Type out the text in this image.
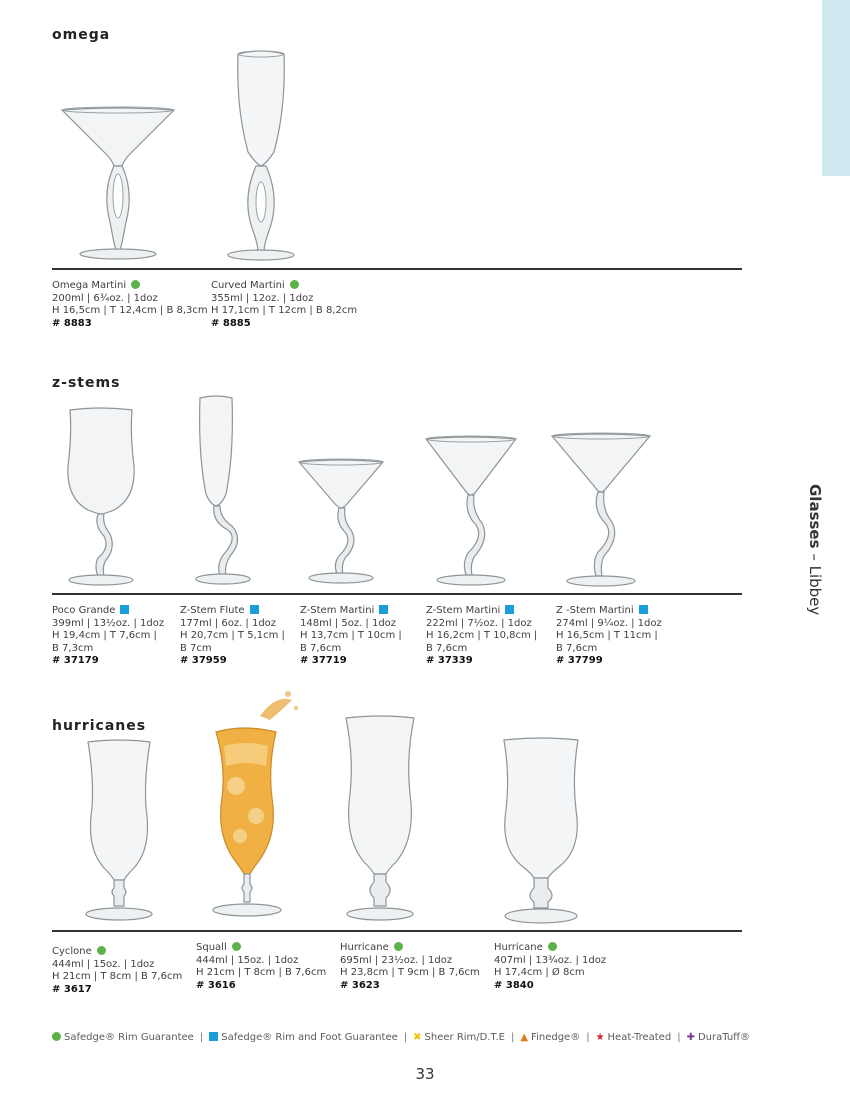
Glasses – Libbey
omega
Omega Martini
200ml | 6¾oz. | 1doz
H 16,5cm | T 12,4cm | B 8,3cm
# 8883
Curved Martini
355ml | 12oz. | 1doz
H 17,1cm | T 12cm | B 8,2cm
# 8885
z-stems
Poco Grande
399ml | 13½oz. | 1doz
H 19,4cm | T 7,6cm |
B 7,3cm
# 37179
Z-Stem Flute
177ml | 6oz. | 1doz
H 20,7cm | T 5,1cm |
B 7cm
# 37959
Z-Stem Martini
148ml | 5oz. | 1doz
H 13,7cm | T 10cm |
B 7,6cm
# 37719
Z-Stem Martini
222ml | 7½oz. | 1doz
H 16,2cm | T 10,8cm |
B 7,6cm
# 37339
Z -Stem Martini
274ml | 9¼oz. | 1doz
H 16,5cm | T 11cm |
B 7,6cm
# 37799
hurricanes
Cyclone
444ml | 15oz. | 1doz
H 21cm | T 8cm | B 7,6cm
# 3617
Squall
444ml | 15oz. | 1doz
H 21cm | T 8cm | B 7,6cm
# 3616
Hurricane
695ml | 23½oz. | 1doz
H 23,8cm | T 9cm | B 7,6cm
# 3623
Hurricane
407ml | 13¾oz. | 1doz
H 17,4cm | Ø 8cm
# 3840
Safedge® Rim Guarantee | Safedge® Rim and Foot Guarantee | ✖ Sheer Rim/D.T.E | ▲ Finedge® | ★ Heat-Treated | ✚ DuraTuff®
33
